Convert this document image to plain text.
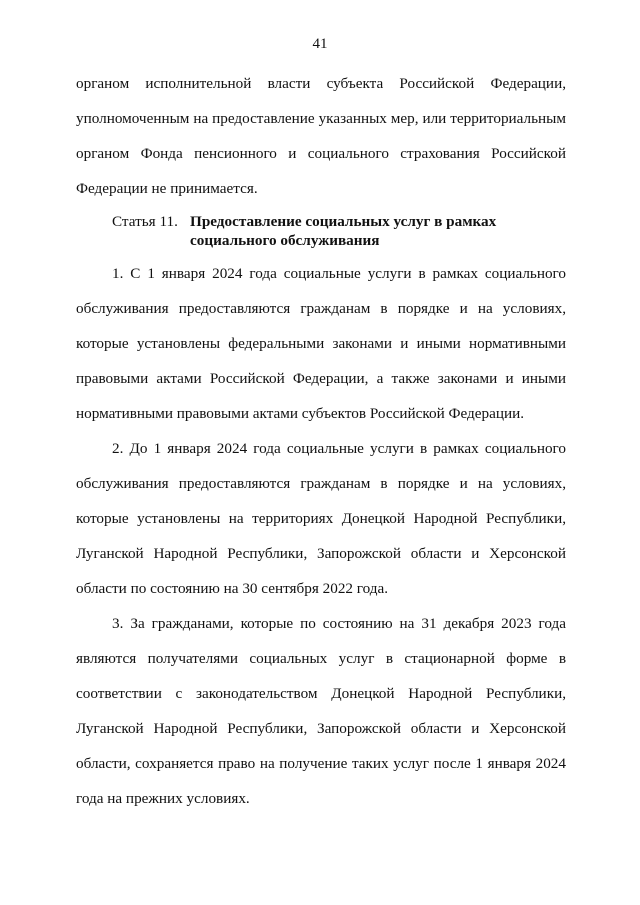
41
органом исполнительной власти субъекта Российской Федерации,
уполномоченным на предоставление указанных мер, или территориальным
органом Фонда пенсионного и социального страхования Российской
Федерации не принимается.
Статья 11. Предоставление социальных услуг в рамках
социального обслуживания
1. С 1 января 2024 года социальные услуги в рамках социального
обслуживания предоставляются гражданам в порядке и на условиях,
которые установлены федеральными законами и иными нормативными
правовыми актами Российской Федерации, а также законами и иными
нормативными правовыми актами субъектов Российской Федерации.
2. До 1 января 2024 года социальные услуги в рамках социального
обслуживания предоставляются гражданам в порядке и на условиях,
которые установлены на территориях Донецкой Народной Республики,
Луганской Народной Республики, Запорожской области и Херсонской
области по состоянию на 30 сентября 2022 года.
3. За гражданами, которые по состоянию на 31 декабря 2023 года
являются получателями социальных услуг в стационарной форме в
соответствии с законодательством Донецкой Народной Республики,
Луганской Народной Республики, Запорожской области и Херсонской
области, сохраняется право на получение таких услуг после 1 января 2024
года на прежних условиях.
